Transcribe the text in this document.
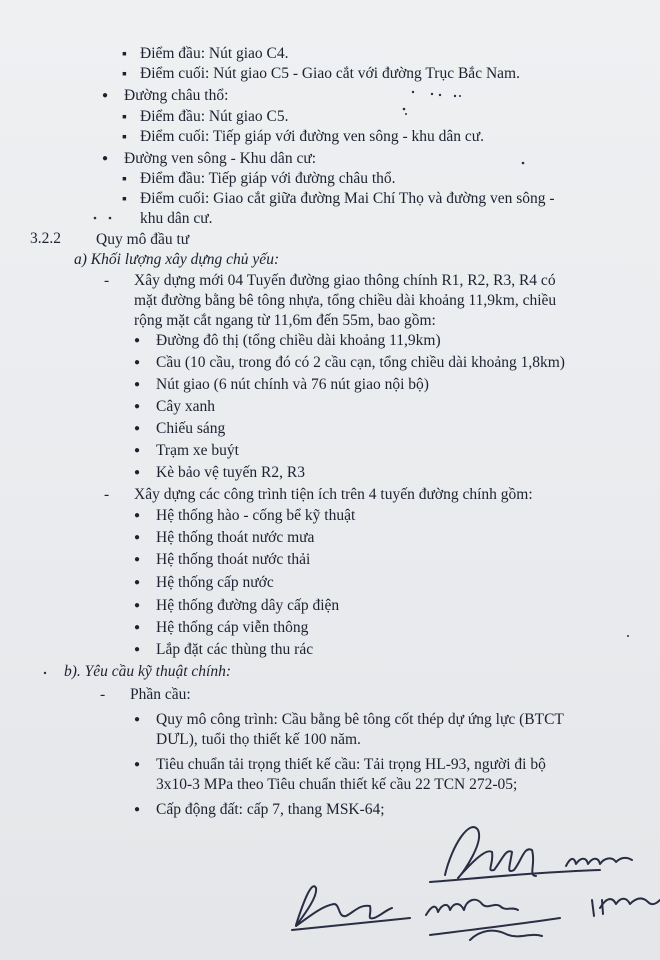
▪ Điểm đầu: Nút giao C4.
▪ Điểm cuối: Nút giao C5 - Giao cắt với đường Trục Bắc Nam.
● Đường châu thổ:
▪ Điểm đầu: Nút giao C5.
▪ Điểm cuối: Tiếp giáp với đường ven sông - khu dân cư.
● Đường ven sông - Khu dân cư:
▪ Điểm đầu: Tiếp giáp với đường châu thổ.
▪ Điểm cuối: Giao cắt giữa đường Mai Chí Thọ và đường ven sông -
khu dân cư.
3.2.2 Quy mô đầu tư
a) Khối lượng xây dựng chủ yếu:
- Xây dựng mới 04 Tuyến đường giao thông chính R1, R2, R3, R4 có
mặt đường bằng bê tông nhựa, tổng chiều dài khoảng 11,9km, chiều
rộng mặt cắt ngang từ 11,6m đến 55m, bao gồm:
● Đường đô thị (tổng chiều dài khoảng 11,9km)
● Cầu (10 cầu, trong đó có 2 cầu cạn, tổng chiều dài khoảng 1,8km)
● Nút giao (6 nút chính và 76 nút giao nội bộ)
● Cây xanh
● Chiếu sáng
● Trạm xe buýt
● Kè bảo vệ tuyến R2, R3
- Xây dựng các công trình tiện ích trên 4 tuyến đường chính gồm:
● Hệ thống hào - cống bể kỹ thuật
● Hệ thống thoát nước mưa
● Hệ thống thoát nước thải
● Hệ thống cấp nước
● Hệ thống đường dây cấp điện
● Hệ thống cáp viễn thông
● Lắp đặt các thùng thu rác
b). Yêu cầu kỹ thuật chính:
- Phần cầu:
● Quy mô công trình: Cầu bằng bê tông cốt thép dự ứng lực (BTCT
DƯL), tuổi thọ thiết kế 100 năm.
● Tiêu chuẩn tải trọng thiết kế cầu: Tải trọng HL-93, người đi bộ
3x10-3 MPa theo Tiêu chuẩn thiết kế cầu 22 TCN 272-05;
● Cấp động đất: cấp 7, thang MSK-64;
